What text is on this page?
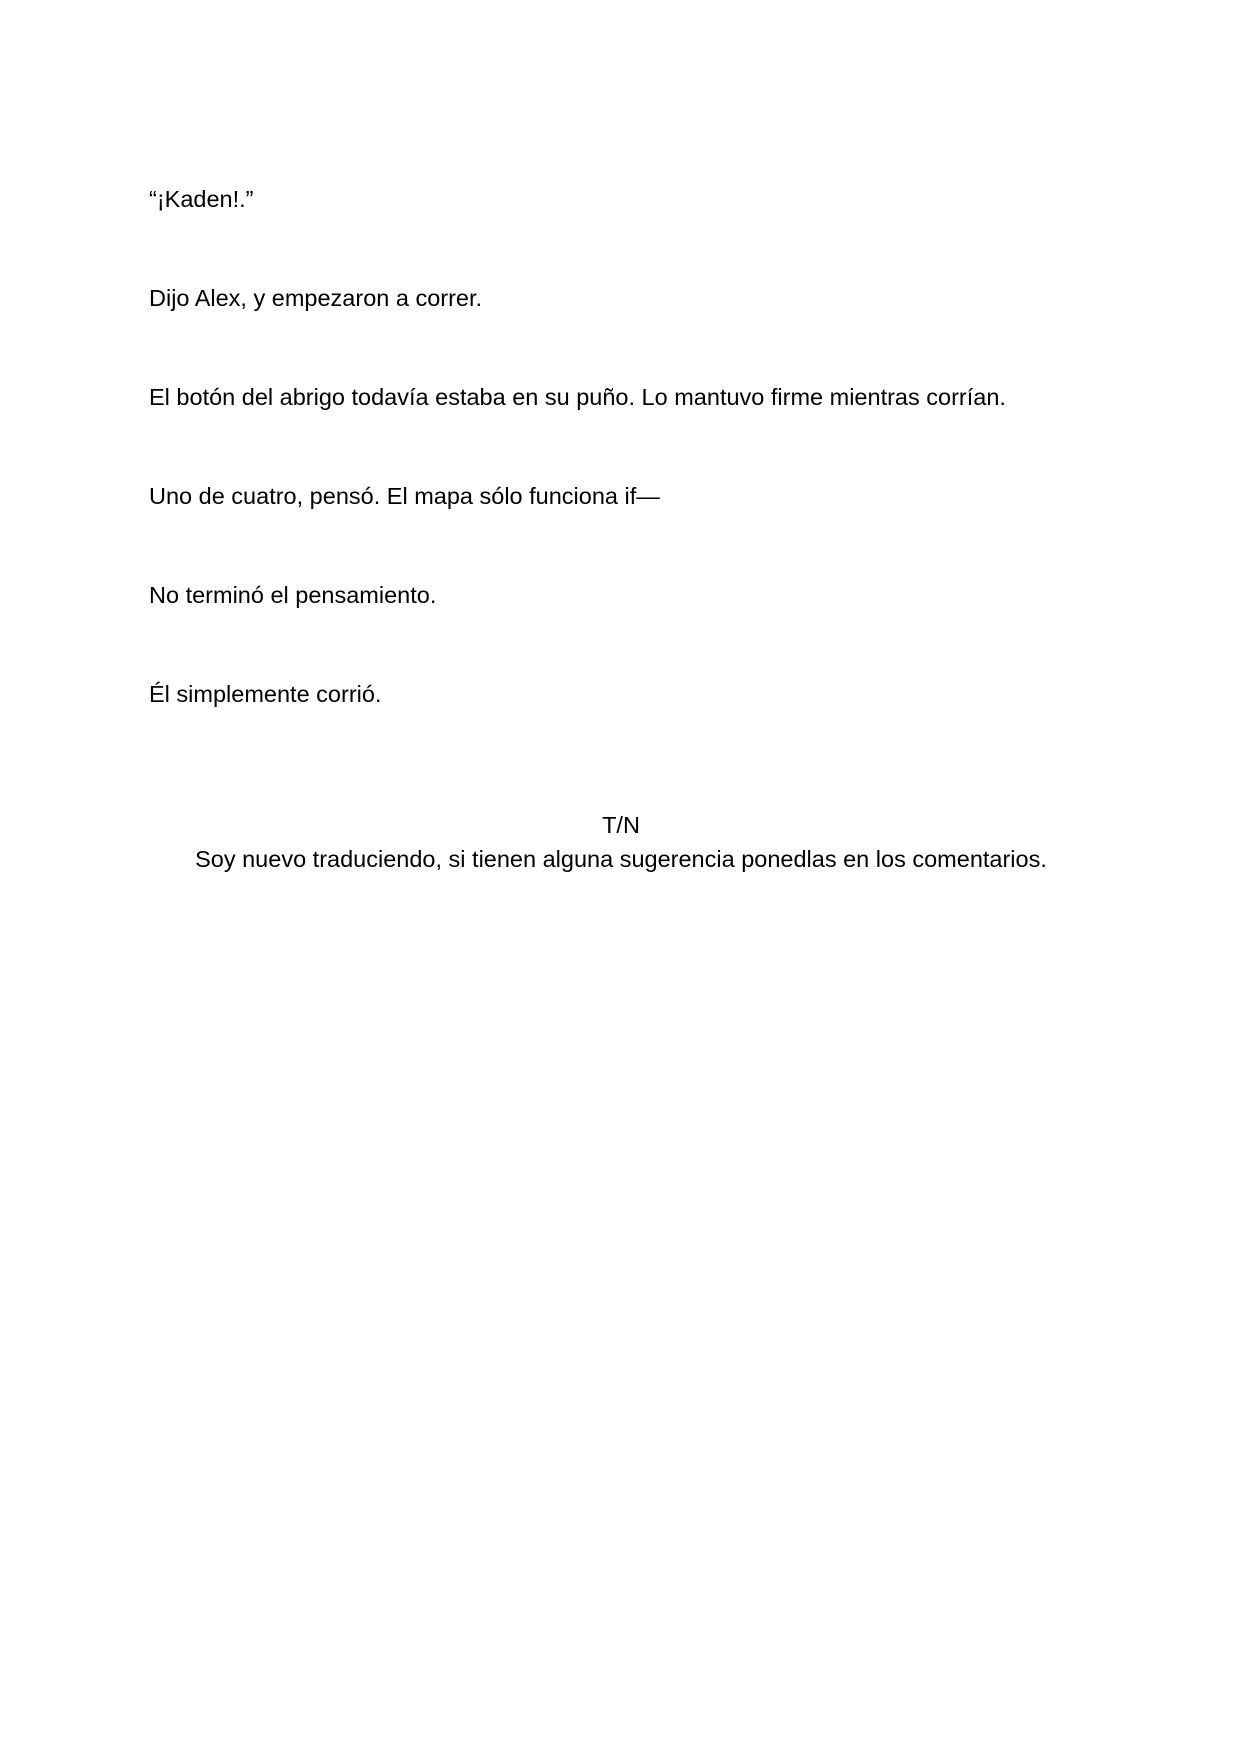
“¡Kaden!.”

Dijo Alex, y empezaron a correr.

El botón del abrigo todavía estaba en su puño. Lo mantuvo firme mientras corrían.

Uno de cuatro, pensó. El mapa sólo funciona if—

No terminó el pensamiento.

Él simplemente corrió.

T/N

Soy nuevo traduciendo, si tienen alguna sugerencia ponedlas en los comentarios.
